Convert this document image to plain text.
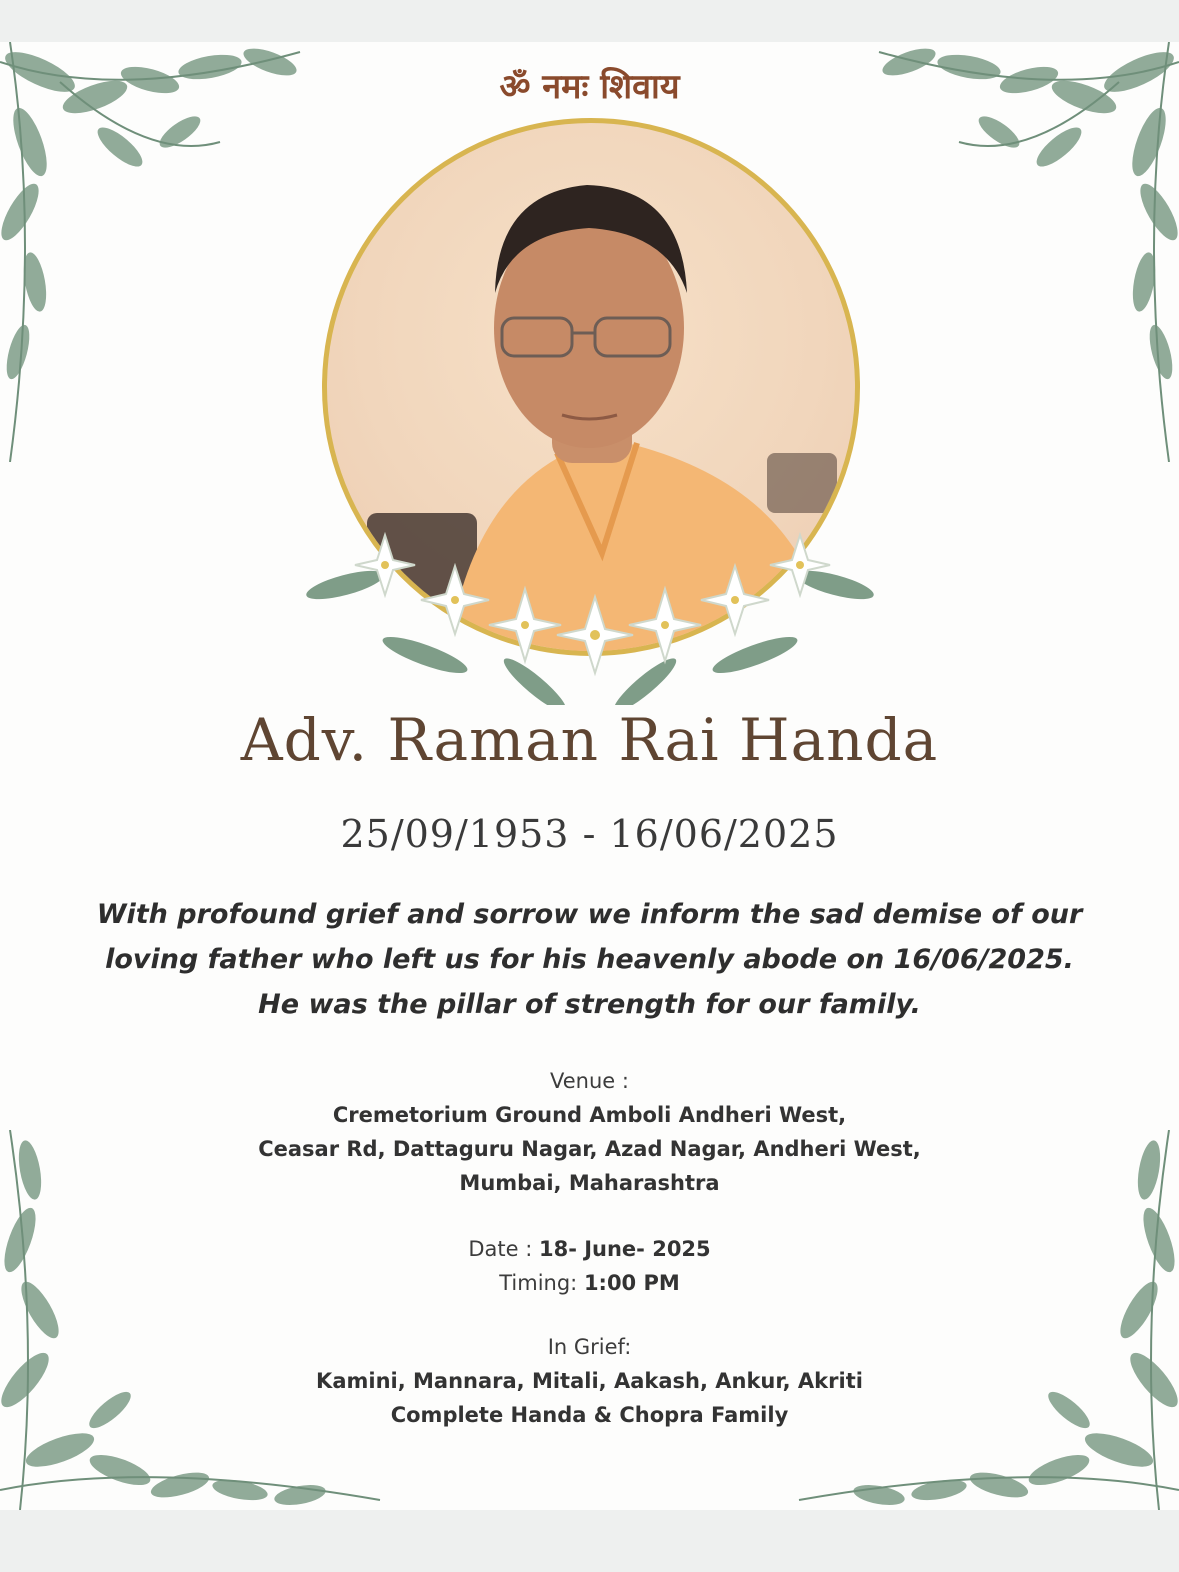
ॐ नमः शिवाय
Adv. Raman Rai Handa
25/09/1953 - 16/06/2025
With profound grief and sorrow we inform the sad demise of our
loving father who left us for his heavenly abode on 16/06/2025.
He was the pillar of strength for our family.
Venue :
Cremetorium Ground Amboli Andheri West,
Ceasar Rd, Dattaguru Nagar, Azad Nagar, Andheri West,
Mumbai, Maharashtra
Date : 18- June- 2025
Timing: 1:00 PM
In Grief:
Kamini, Mannara, Mitali, Aakash, Ankur, Akriti
Complete Handa & Chopra Family
